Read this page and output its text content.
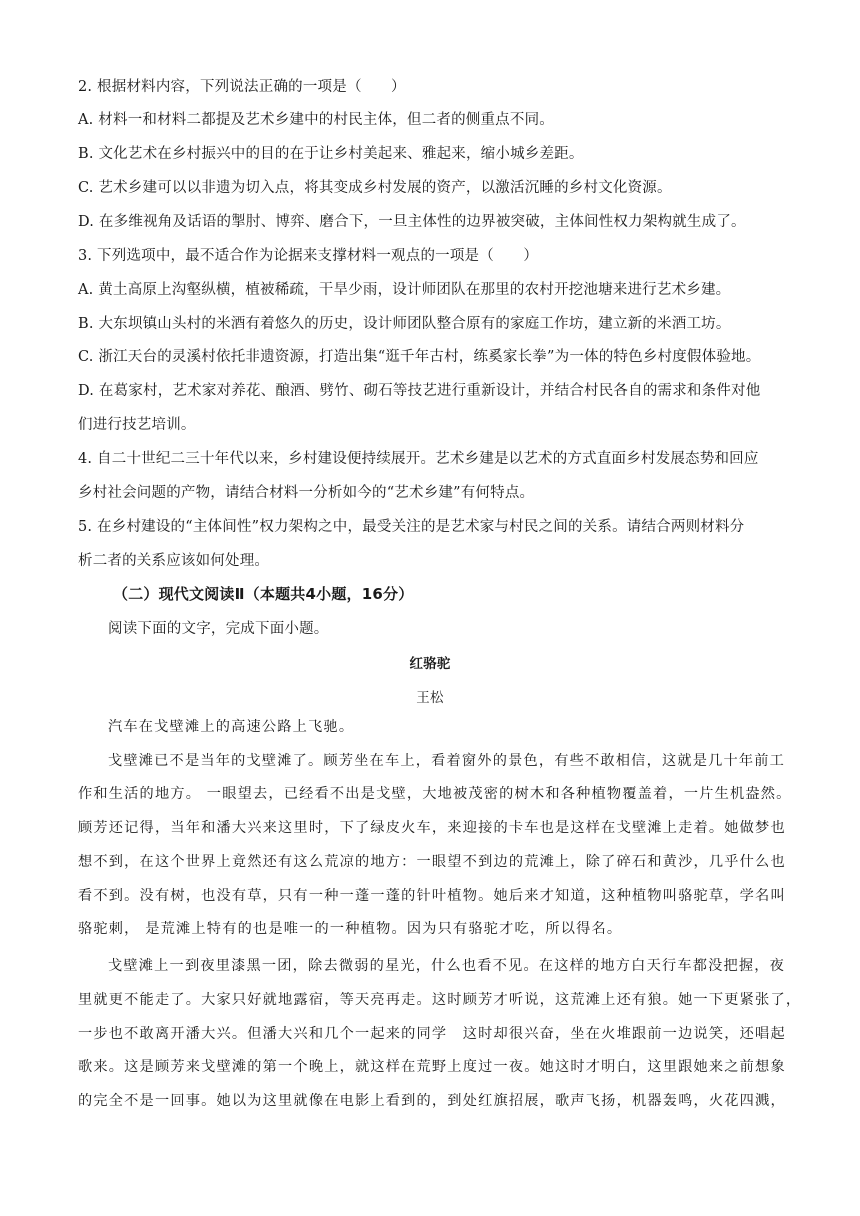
2. 根据材料内容，下列说法正确的一项是（　　）
A. 材料一和材料二都提及艺术乡建中的村民主体，但二者的侧重点不同。
B. 文化艺术在乡村振兴中的目的在于让乡村美起来、雅起来，缩小城乡差距。
C. 艺术乡建可以以非遗为切入点，将其变成乡村发展的资产，以激活沉睡的乡村文化资源。
D. 在多维视角及话语的掣肘、博弈、磨合下，一旦主体性的边界被突破，主体间性权力架构就生成了。
3. 下列选项中，最不适合作为论据来支撑材料一观点的一项是（　　）
A. 黄土高原上沟壑纵横，植被稀疏，干旱少雨，设计师团队在那里的农村开挖池塘来进行艺术乡建。
B. 大东坝镇山头村的米酒有着悠久的历史，设计师团队整合原有的家庭工作坊，建立新的米酒工坊。
C. 浙江天台的灵溪村依托非遗资源，打造出集“逛千年古村，练奚家长拳”为一体的特色乡村度假体验地。
D. 在葛家村，艺术家对养花、酿酒、劈竹、砌石等技艺进行重新设计，并结合村民各自的需求和条件对他
们进行技艺培训。
4. 自二十世纪二三十年代以来，乡村建设便持续展开。艺术乡建是以艺术的方式直面乡村发展态势和回应
乡村社会问题的产物，请结合材料一分析如今的“艺术乡建”有何特点。
5. 在乡村建设的“主体间性”权力架构之中，最受关注的是艺术家与村民之间的关系。请结合两则材料分
析二者的关系应该如何处理。
（二）现代文阅读Ⅱ（本题共4小题，16分）
阅读下面的文字，完成下面小题。
红骆驼
王松
汽车在戈壁滩上的高速公路上飞驰。
戈壁滩已不是当年的戈壁滩了。顾芳坐在车上，看着窗外的景色，有些不敢相信，这就是几十年前工
作和生活的地方。 一眼望去，已经看不出是戈壁，大地被茂密的树木和各种植物覆盖着，一片生机盎然。
顾芳还记得，当年和潘大兴来这里时，下了绿皮火车，来迎接的卡车也是这样在戈壁滩上走着。她做梦也
想不到，在这个世界上竟然还有这么荒凉的地方：一眼望不到边的荒滩上，除了碎石和黄沙，几乎什么也
看不到。没有树，也没有草，只有一种一蓬一蓬的针叶植物。她后来才知道，这种植物叫骆驼草，学名叫
骆驼刺， 是荒滩上特有的也是唯一的一种植物。因为只有骆驼才吃，所以得名。
戈壁滩上一到夜里漆黑一团，除去微弱的星光，什么也看不见。在这样的地方白天行车都没把握，夜
里就更不能走了。大家只好就地露宿，等天亮再走。这时顾芳才听说，这荒滩上还有狼。她一下更紧张了，
一步也不敢离开潘大兴。但潘大兴和几个一起来的同学　这时却很兴奋，坐在火堆跟前一边说笑，还唱起
歌来。这是顾芳来戈壁滩的第一个晚上，就这样在荒野上度过一夜。她这时才明白，这里跟她来之前想象
的完全不是一回事。她以为这里就像在电影上看到的，到处红旗招展，歌声飞扬，机器轰鸣，火花四溅，
